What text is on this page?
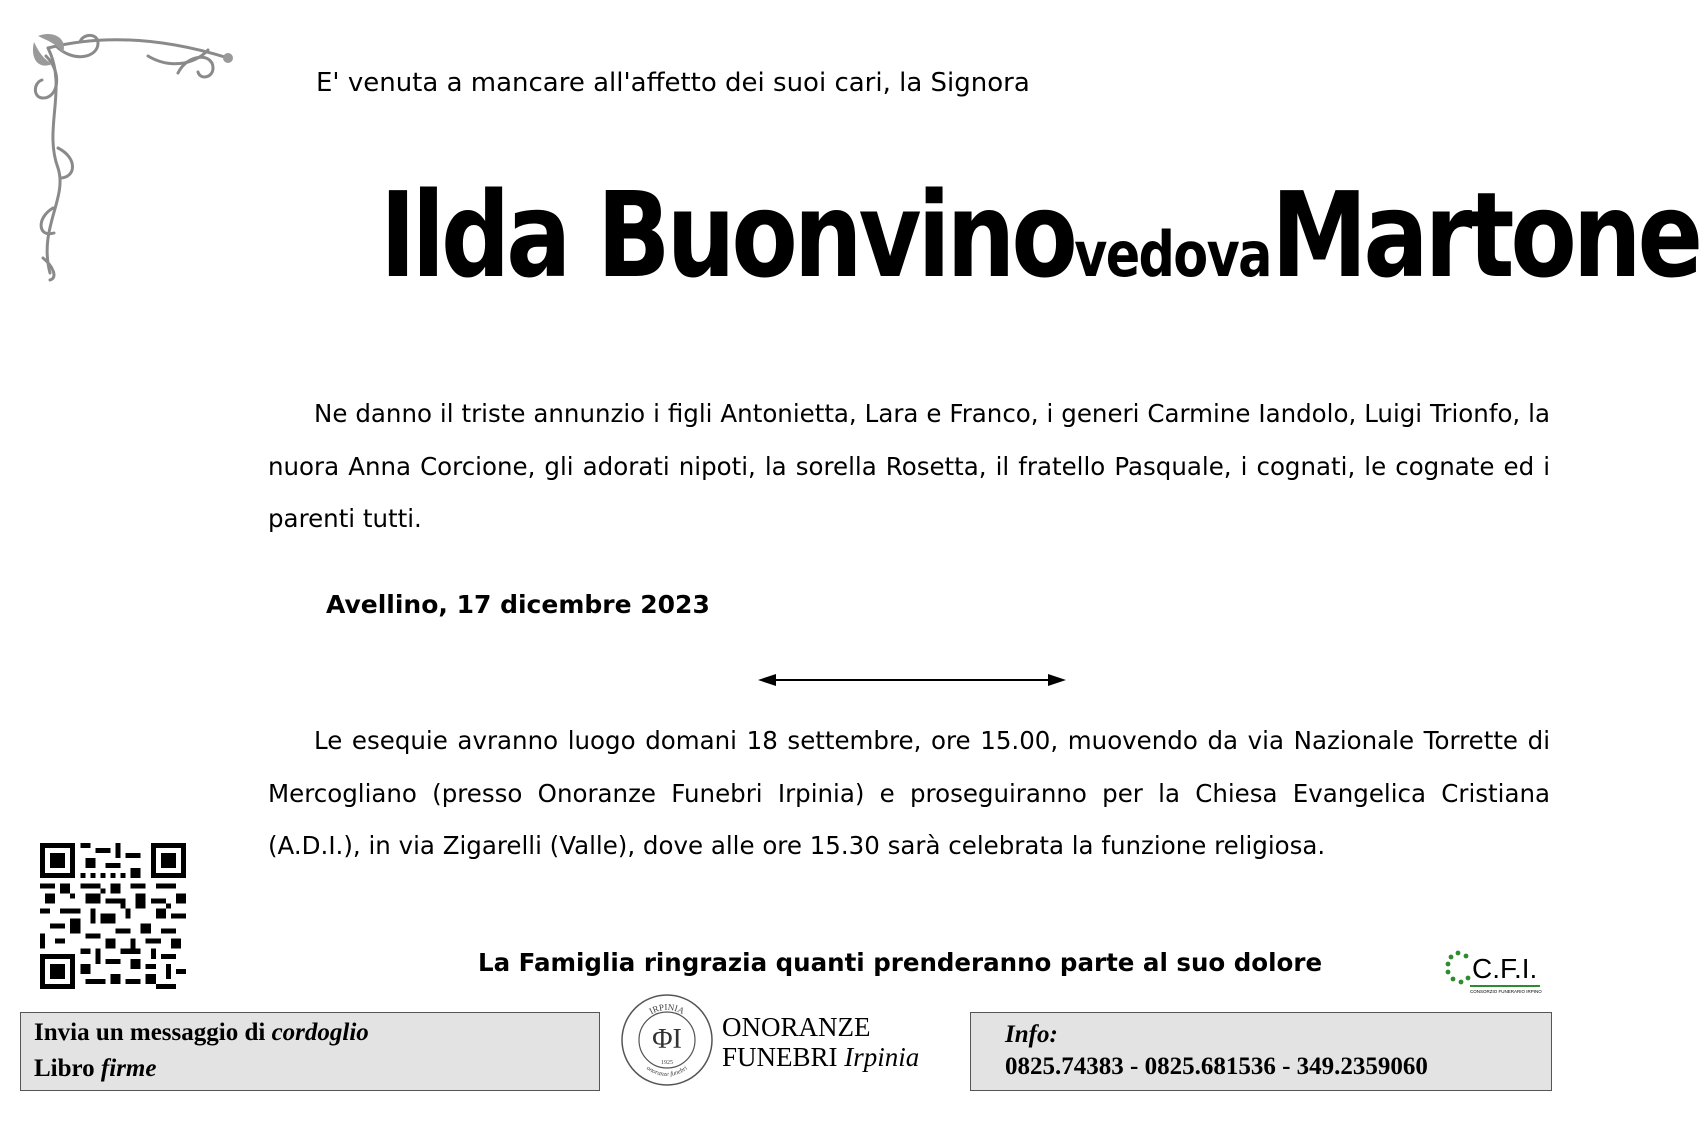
E' venuta a mancare all'affetto dei suoi cari, la Signora
Ilda Buonvino vedova Martone
Ne danno il triste annunzio i figli Antonietta, Lara e Franco, i generi Carmine Iandolo, Luigi Trionfo, la nuora Anna Corcione, gli adorati nipoti, la sorella Rosetta, il fratello Pasquale, i cognati, le cognate ed i parenti tutti.
Avellino, 17 dicembre 2023
Le esequie avranno luogo domani 18 settembre, ore 15.00, muovendo da via Nazionale Torrette di Mercogliano (presso Onoranze Funebri Irpinia) e proseguiranno per la Chiesa Evangelica Cristiana (A.D.I.), in via Zigarelli (Valle), dove alle ore 15.30 sarà celebrata la funzione religiosa.
La Famiglia ringrazia quanti prenderanno parte al suo dolore	C.F.I.
CONSORZIO FUNERARIO IRPINO
Invia un messaggio di cordoglio
Libro firme
IRPINIA
onoranze funebri
ΦΙ
1925
ONORANZE
FUNEBRI Irpinia
Info:
0825.74383 - 0825.681536 - 349.2359060
